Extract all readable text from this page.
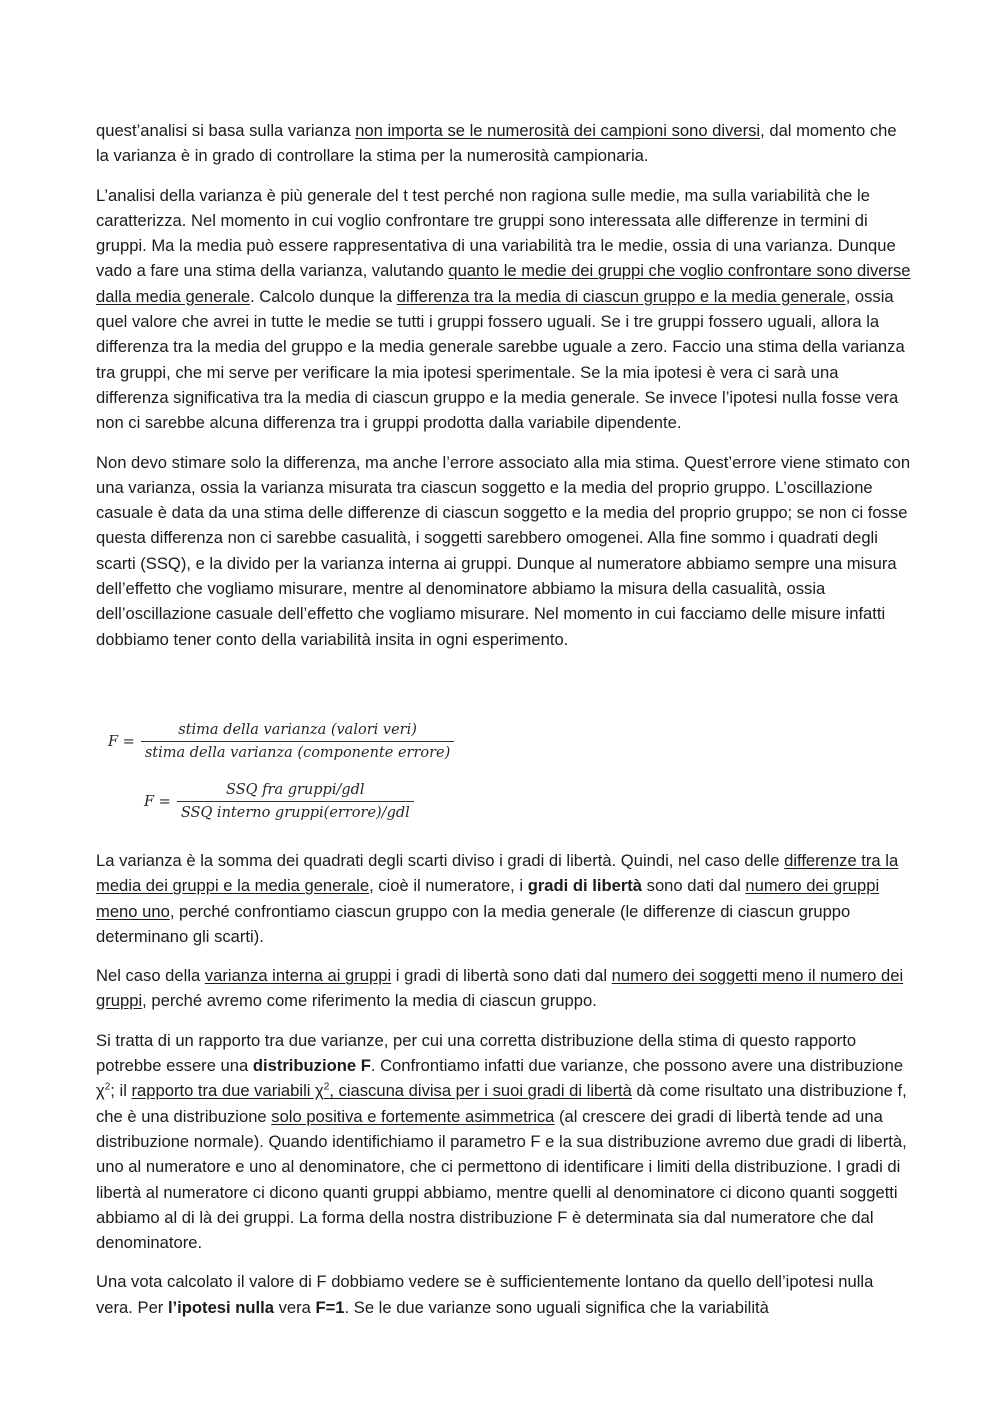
quest’analisi si basa sulla varianza non importa se le numerosità dei campioni sono diversi, dal momento che la varianza è in grado di controllare la stima per la numerosità campionaria.

L’analisi della varianza è più generale del t test perché non ragiona sulle medie, ma sulla variabilità che le caratterizza. Nel momento in cui voglio confrontare tre gruppi sono interessata alle differenze in termini di gruppi. Ma la media può essere rappresentativa di una variabilità tra le medie, ossia di una varianza. Dunque vado a fare una stima della varianza, valutando quanto le medie dei gruppi che voglio confrontare sono diverse dalla media generale. Calcolo dunque la differenza tra la media di ciascun gruppo e la media generale, ossia quel valore che avrei in tutte le medie se tutti i gruppi fossero uguali. Se i tre gruppi fossero uguali, allora la differenza tra la media del gruppo e la media generale sarebbe uguale a zero. Faccio una stima della varianza tra gruppi, che mi serve per verificare la mia ipotesi sperimentale. Se la mia ipotesi è vera ci sarà una differenza significativa tra la media di ciascun gruppo e la media generale. Se invece l’ipotesi nulla fosse vera non ci sarebbe alcuna differenza tra i gruppi prodotta dalla variabile dipendente.

Non devo stimare solo la differenza, ma anche l’errore associato alla mia stima. Quest’errore viene stimato con una varianza, ossia la varianza misurata tra ciascun soggetto e la media del proprio gruppo. L’oscillazione casuale è data da una stima delle differenze di ciascun soggetto e la media del proprio gruppo; se non ci fosse questa differenza non ci sarebbe casualità, i soggetti sarebbero omogenei. Alla fine sommo i quadrati degli scarti (SSQ), e la divido per la varianza interna ai gruppi. Dunque al numeratore abbiamo sempre una misura dell’effetto che vogliamo misurare, mentre al denominatore abbiamo la misura della casualità, ossia dell’oscillazione casuale dell’effetto che vogliamo misurare. Nel momento in cui facciamo delle misure infatti dobbiamo tener conto della variabilità insita in ogni esperimento.

$F = \frac{\text{stima della varianza (valori veri)}}{\text{stima della varianza (componente errore)}}$
$F = \frac{\text{SSQ fra gruppi/gdl}}{\text{SSQ interno gruppi(errore)/gdl}}$

La varianza è la somma dei quadrati degli scarti diviso i gradi di libertà. Quindi, nel caso delle differenze tra la media dei gruppi e la media generale, cioè il numeratore, i gradi di libertà sono dati dal numero dei gruppi meno uno, perché confrontiamo ciascun gruppo con la media generale (le differenze di ciascun gruppo determinano gli scarti).

Nel caso della varianza interna ai gruppi i gradi di libertà sono dati dal numero dei soggetti meno il numero dei gruppi, perché avremo come riferimento la media di ciascun gruppo.

Si tratta di un rapporto tra due varianze, per cui una corretta distribuzione della stima di questo rapporto potrebbe essere una distribuzione F. Confrontiamo infatti due varianze, che possono avere una distribuzione $\chi^2$; il rapporto tra due variabili $\chi^2$, ciascuna divisa per i suoi gradi di libertà dà come risultato una distribuzione f, che è una distribuzione solo positiva e fortemente asimmetrica (al crescere dei gradi di libertà tende ad una distribuzione normale). Quando identifichiamo il parametro F e la sua distribuzione avremo due gradi di libertà, uno al numeratore e uno al denominatore, che ci permettono di identificare i limiti della distribuzione. I gradi di libertà al numeratore ci dicono quanti gruppi abbiamo, mentre quelli al denominatore ci dicono quanti soggetti abbiamo al di là dei gruppi. La forma della nostra distribuzione F è determinata sia dal numeratore che dal denominatore.

Una vota calcolato il valore di F dobbiamo vedere se è sufficientemente lontano da quello dell’ipotesi nulla vera. Per l’ipotesi nulla vera F=1. Se le due varianze sono uguali significa che la variabilità
